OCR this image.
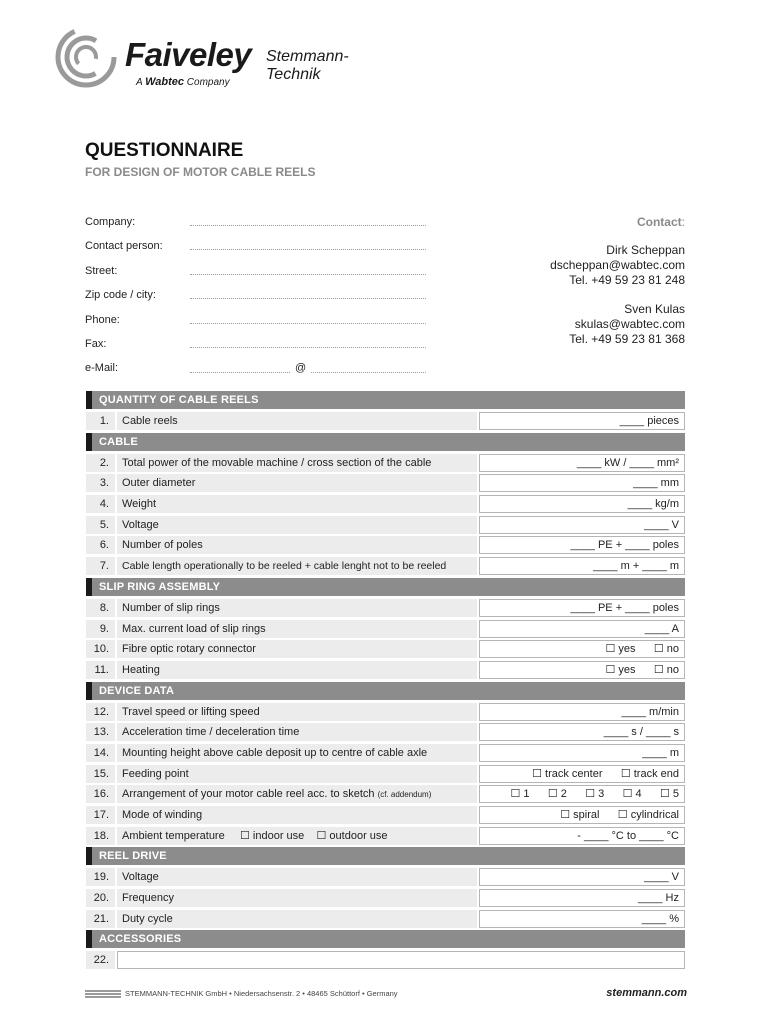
Faiveley Stemmann-Technik
A Wabtec Company
QUESTIONNAIRE
FOR DESIGN OF MOTOR CABLE REELS
Company:
Contact person:
Street:
Zip code / city:
Phone:
Fax:
e-Mail:	@
Contact:
Dirk Scheppan
dscheppan@wabtec.com
Tel. +49 59 23 81 248
Sven Kulas
skulas@wabtec.com
Tel. +49 59 23 81 368
QUANTITY OF CABLE REELS
1.	Cable reels	____ pieces
CABLE
2.	Total power of the movable machine / cross section of the cable	____ kW / ____ mm²
3.	Outer diameter	____ mm
4.	Weight	____ kg/m
5.	Voltage	____ V
6.	Number of poles	____ PE + ____ poles
7.	Cable length operationally to be reeled + cable lenght not to be reeled	____ m + ____ m
SLIP RING ASSEMBLY
8.	Number of slip rings	____ PE + ____ poles
9.	Max. current load of slip rings	____ A
10.	Fibre optic rotary connector	☐ yes      ☐ no
11.	Heating	☐ yes      ☐ no
DEVICE DATA
12.	Travel speed or lifting speed	____ m/min
13.	Acceleration time / deceleration time	____ s / ____ s
14.	Mounting height above cable deposit up to centre of cable axle	____ m
15.	Feeding point	☐ track center      ☐ track end
16.	Arrangement of your motor cable reel acc. to sketch (cf. addendum)	☐ 1      ☐ 2      ☐ 3      ☐ 4      ☐ 5
17.	Mode of winding	☐ spiral      ☐ cylindrical
18.	Ambient temperature     ☐ indoor use    ☐ outdoor use	- ____ °C to ____ °C
REEL DRIVE
19.	Voltage	____ V
20.	Frequency	____ Hz
21.	Duty cycle	____ %
ACCESSORIES
22.
STEMMANN-TECHNIK GmbH • Niedersachsenstr. 2 • 48465 Schüttorf • Germany	stemmann.com
